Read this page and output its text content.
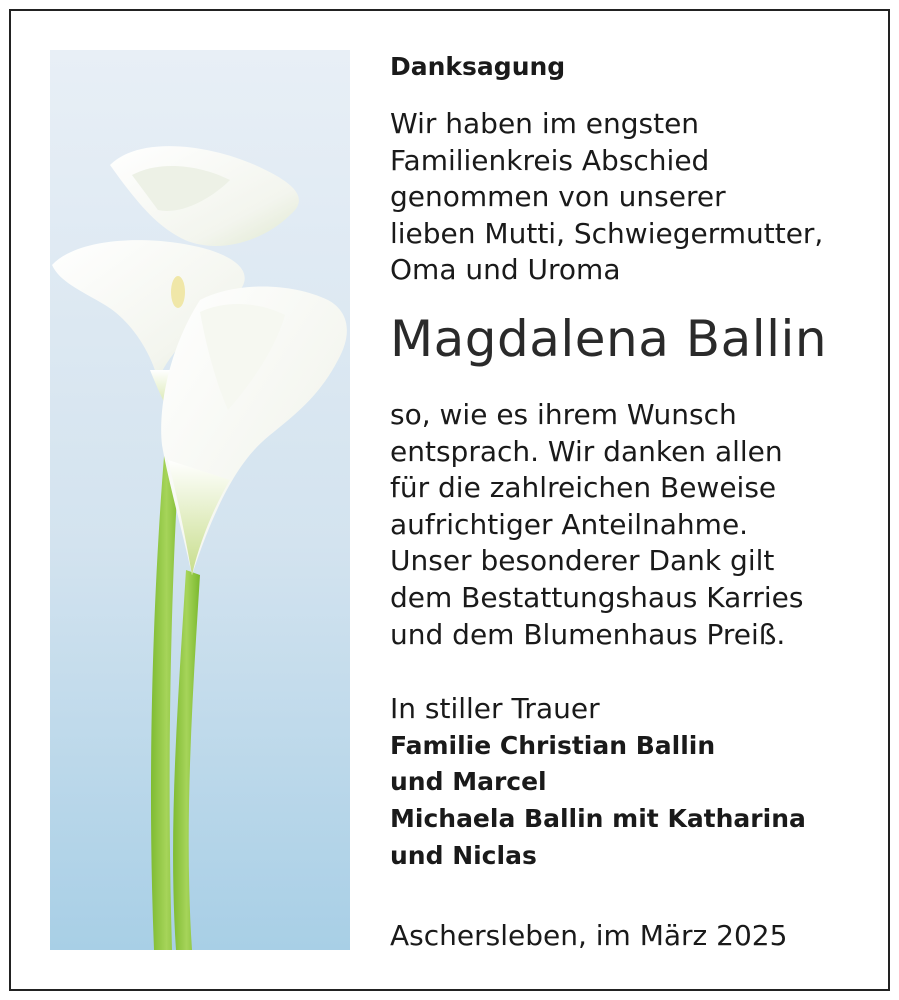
Danksagung
Wir haben im engsten
Familienkreis Abschied
genommen von unserer
lieben Mutti, Schwiegermutter,
Oma und Uroma
Magdalena Ballin
so, wie es ihrem Wunsch
entsprach. Wir danken allen
für die zahlreichen Beweise
aufrichtiger Anteilnahme.
Unser besonderer Dank gilt
dem Bestattungshaus Karries
und dem Blumenhaus Preiß.
In stiller Trauer
Familie Christian Ballin
und Marcel
Michaela Ballin mit Katharina
und Niclas
Aschersleben, im März 2025
